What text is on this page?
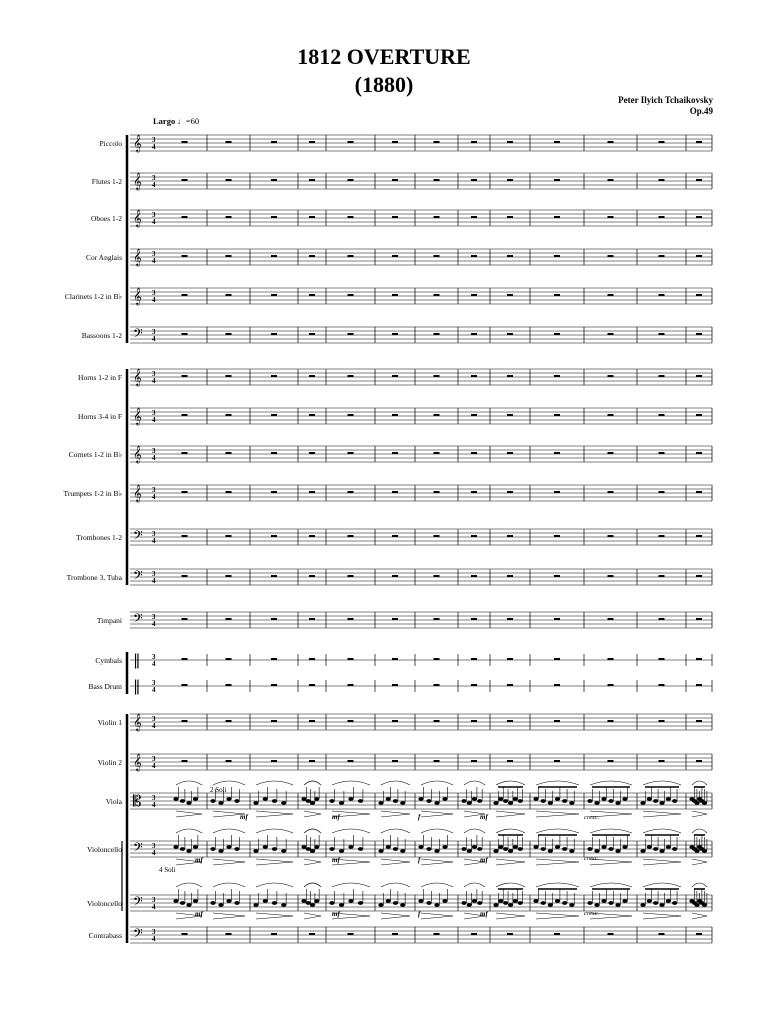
1812 OVERTURE
(1880)
Peter Ilyich Tchaikovsky
Op.49
Largo ♩=60
Piccolo
Flutes 1-2
Oboes 1-2
Cor Anglais
Clarinets 1-2 in B♭
Bassoons 1-2
Horns 1-2 in F
Horns 3-4 in F
Cornets 1-2 in B♭
Trumpets 1-2 in B♭
Trombones 1-2
Trombone 3, Tuba
Timpani
Cymbals
Bass Drum
Violin 1
Violin 2
Viola
Violoncello
Violoncello
Contrabass
𝄞 3
4
𝄞 3
4
𝄞 3
4
𝄞 3
4
𝄞 3
4
𝄢 3
4
𝄞 3
4
𝄞 3
4
𝄞 3
4
𝄞 3
4
𝄢 3
4
𝄢 3
4
𝄢 3
4
‖ 3
4
‖ 3
4
𝄞 3
4
𝄞 3
4
𝄡 3
4
𝄢 3
4
𝄢 3
4
𝄢 3
4
2 Soli
4 Soli
cresc.
cresc.
cresc.
mf	mf	f	mf
mf	mf	f	mf
mf	mf	f	mf
